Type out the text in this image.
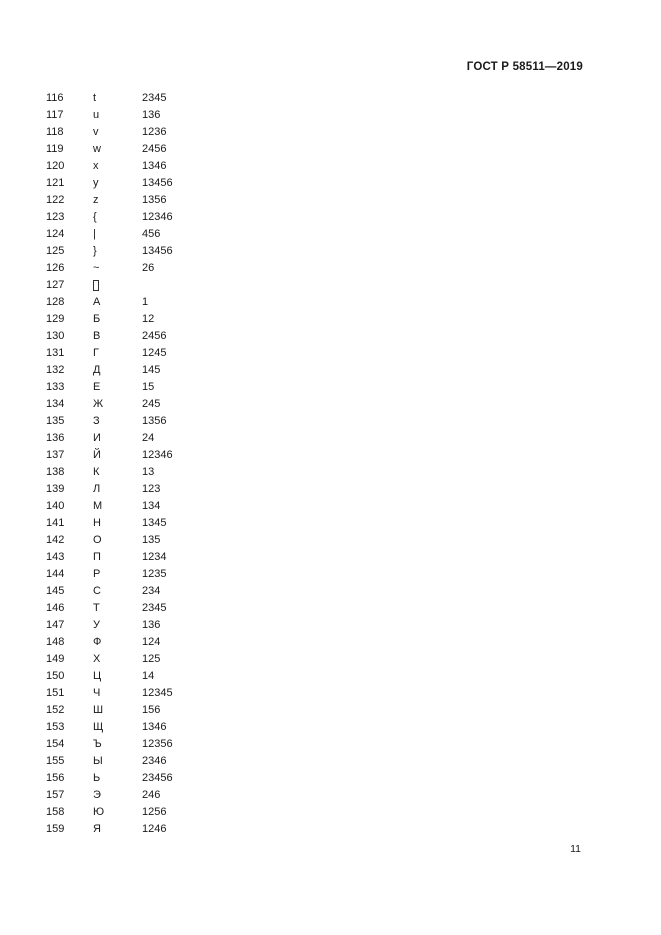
ГОСТ Р 58511—2019
116	t	2345
117	u	136
118	v	1236
119	w	2456
120	x	1346
121	y	13456
122	z	1356
123	{	12346
124	|	456
125	}	13456
126	~	26
127
128	А	1
129	Б	12
130	В	2456
131	Г	1245
132	Д	145
133	Е	15
134	Ж	245
135	З	1356
136	И	24
137	Й	12346
138	К	13
139	Л	123
140	М	134
141	Н	1345
142	О	135
143	П	1234
144	Р	1235
145	С	234
146	Т	2345
147	У	136
148	Ф	124
149	Х	125
150	Ц	14
151	Ч	12345
152	Ш	156
153	Щ	1346
154	Ъ	12356
155	Ы	2346
156	Ь	23456
157	Э	246
158	Ю	1256
159	Я	1246
11
